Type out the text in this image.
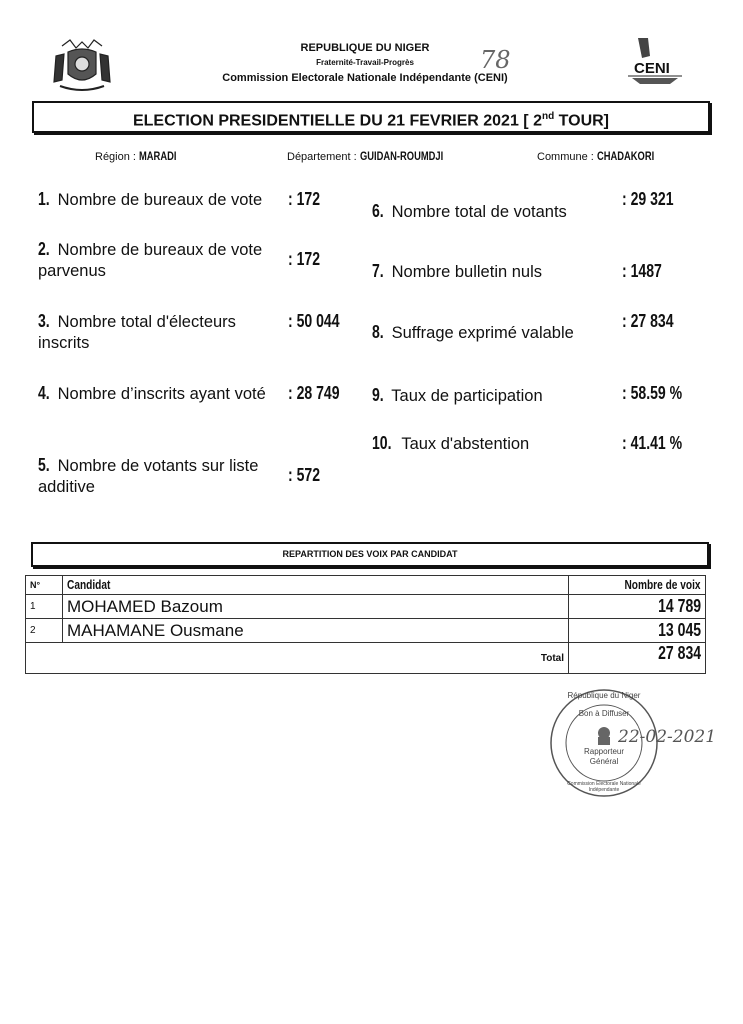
REPUBLIQUE DU NIGER
Fraternité-Travail-Progrès
Commission Electorale Nationale Indépendante (CENI)
78	CENI
ELECTION PRESIDENTIELLE DU 21 FEVRIER 2021 [ 2nd TOUR]
Région : MARADI	Département : GUIDAN-ROUMDJI	Commune : CHADAKORI
1. Nombre de bureaux de vote	: 172
2. Nombre de bureaux de vote parvenus
: 172
3. Nombre total d'électeurs inscrits
: 50 044
4. Nombre d’inscrits ayant voté : 28 749
5. Nombre de votants sur liste additive
: 572
6. Nombre total de votants
: 29 321
7. Nombre bulletin nuls	: 1487
8. Suffrage exprimé valable
: 27 834
9. Taux de participation	: 58.59 %
10. Taux d'abstention	: 41.41 %
REPARTITION DES VOIX PAR CANDIDAT
N°	Candidat	Nombre de voix
1	MOHAMED Bazoum	14 789
2	MAHAMANE Ousmane	13 045
Total		27 834
République du Niger
Bon à Diffuser
Rapporteur
Général
Commission Electorale Nationale Indépendante
22-02-2021
